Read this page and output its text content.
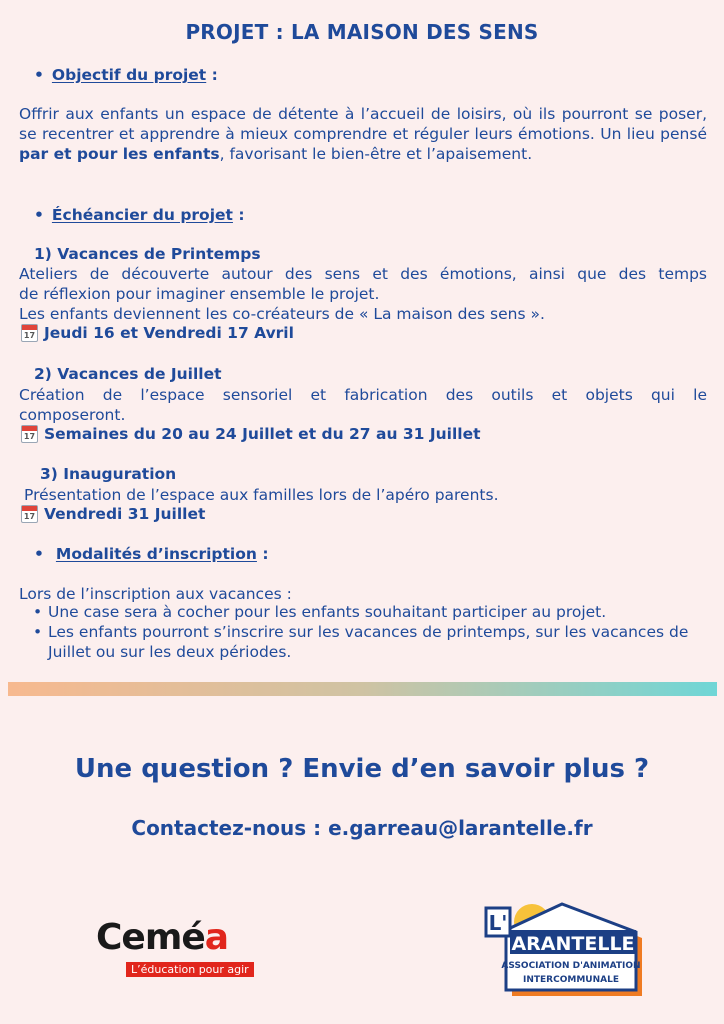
PROJET : LA MAISON DES SENS
• Objectif du projet :
Offrir aux enfants un espace de détente à l’accueil de loisirs, où ils pourront se poser, se recentrer et apprendre à mieux comprendre et réguler leurs émotions. Un lieu pensé par et pour les enfants, favorisant le bien-être et l’apaisement.
• Échéancier du projet :
1) Vacances de Printemps
Ateliers de découverte autour des sens et des émotions, ainsi que des temps
de réflexion pour imaginer ensemble le projet.
Les enfants deviennent les co-créateurs de « La maison des sens ».
17 Jeudi 16 et Vendredi 17 Avril
2) Vacances de Juillet
Création de l’espace sensoriel et fabrication des outils et objets qui le
composeront.
17 Semaines du 20 au 24 Juillet et du 27 au 31 Juillet
3) Inauguration
Présentation de l’espace aux familles lors de l’apéro parents.
17 Vendredi 31 Juillet
• Modalités d’inscription :
Lors de l’inscription aux vacances :
• Une case sera à cocher pour les enfants souhaitant participer au projet.
• Les enfants pourront s’inscrire sur les vacances de printemps, sur les vacances de Juillet ou sur les deux périodes.
Une question ? Envie d’en savoir plus ?
Contactez-nous : e.garreau@larantelle.fr
Ceméa
L’éducation pour agir
L'
ARANTELLE
ASSOCIATION D'ANIMATION
INTERCOMMUNALE
